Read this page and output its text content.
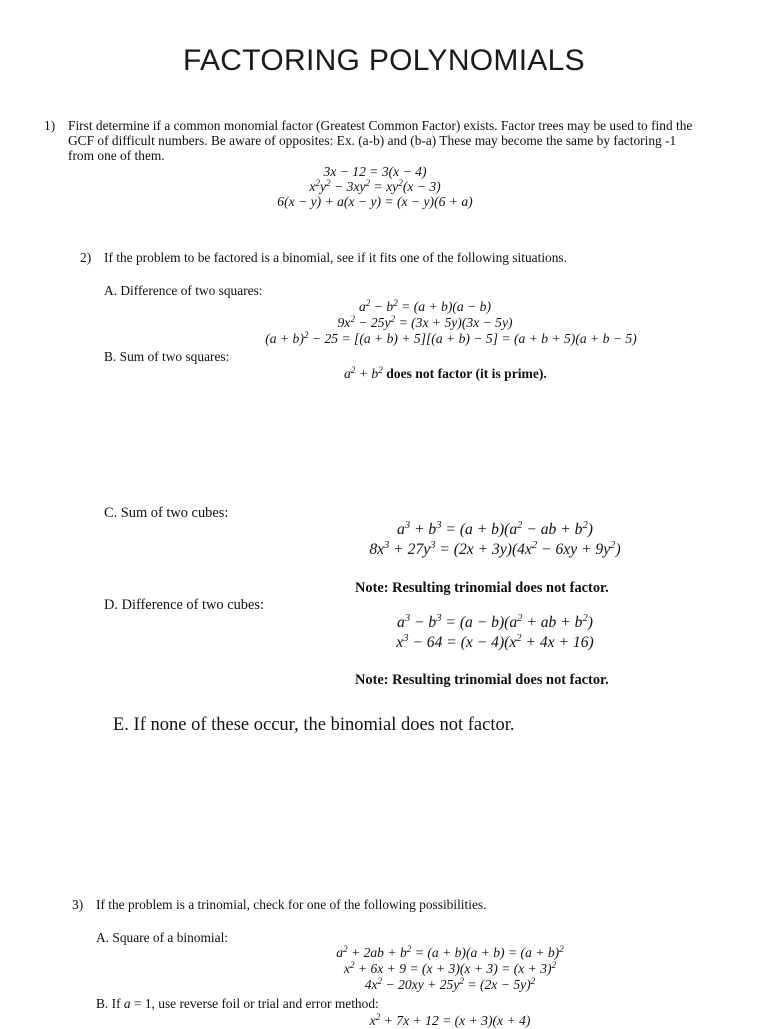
FACTORING POLYNOMIALS
1) First determine if a common monomial factor (Greatest Common Factor) exists. Factor trees may be used to find the
GCF of difficult numbers. Be aware of opposites: Ex. (a-b) and (b-a) These may become the same by factoring -1
from one of them.
3x − 12 = 3(x − 4)
$x^2y^2 - 3xy^2 = xy^2(x - 3)$
6(x − y) + a(x − y) = (x − y)(6 + a)
2) If the problem to be factored is a binomial, see if it fits one of the following situations.
A. Difference of two squares:
$a^2 - b^2 = (a + b)(a - b)$
$9x^2 - 25y^2 = (3x + 5y)(3x - 5y)$
$(a + b)^2 - 25 = [(a + b) + 5][(a + b) - 5] = (a + b + 5)(a + b - 5)$
B. Sum of two squares:
$a^2 + b^2$ does not factor (it is prime).
C. Sum of two cubes:
$a^3 + b^3 = (a + b)(a^2$ − ab + $b^2$)
$8x^3 + 27y^3 = (2x + 3y)(4x^2 - 6xy + 9y^2)$
Note: Resulting trinomial does not factor.
D. Difference of two cubes:
$a^3 - b^3 = (a - b)(a^2$ + ab + $b^2$)
$x^3 - 64 = (x - 4)(x^2 + 4x + 16)$
Note: Resulting trinomial does not factor.
E. If none of these occur, the binomial does not factor.
3) If the problem is a trinomial, check for one of the following possibilities.
A. Square of a binomial:
$a^2 + 2ab + b^2 = (a + b)(a + b) = (a + b)^2$
$x^2 + 6x + 9 = (x + 3)(x + 3) = (x + 3)^2$
$4x^2 - 20xy + 25y^2 = (2x - 5y)^2$
B. If a = 1, use reverse foil or trial and error method:
$x^2 + 7x + 12 = (x + 3)(x + 4)$
